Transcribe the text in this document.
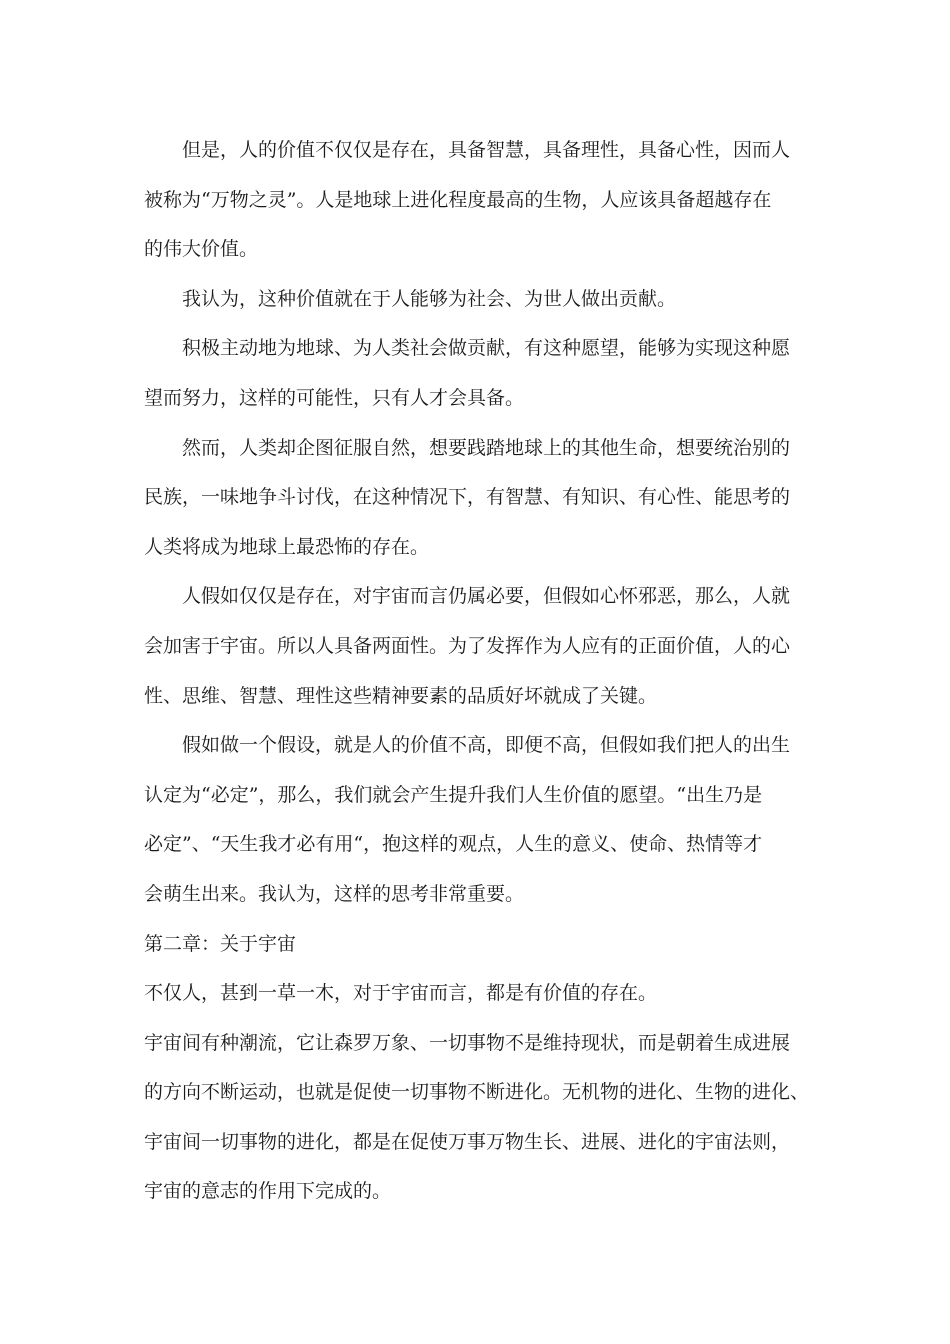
但是，人的价值不仅仅是存在，具备智慧，具备理性，具备心性，因而人
被称为“万物之灵”。人是地球上进化程度最高的生物，人应该具备超越存在
的伟大价值。

我认为，这种价值就在于人能够为社会、为世人做出贡献。

积极主动地为地球、为人类社会做贡献，有这种愿望，能够为实现这种愿
望而努力，这样的可能性，只有人才会具备。

然而，人类却企图征服自然，想要践踏地球上的其他生命，想要统治别的
民族，一味地争斗讨伐，在这种情况下，有智慧、有知识、有心性、能思考的
人类将成为地球上最恐怖的存在。

人假如仅仅是存在，对宇宙而言仍属必要，但假如心怀邪恶，那么，人就
会加害于宇宙。所以人具备两面性。为了发挥作为人应有的正面价值，人的心
性、思维、智慧、理性这些精神要素的品质好坏就成了关键。

假如做一个假设，就是人的价值不高，即便不高，但假如我们把人的出生
认定为“必定”，那么，我们就会产生提升我们人生价值的愿望。“出生乃是
必定”、“天生我才必有用“，抱这样的观点，人生的意义、使命、热情等才
会萌生出来。我认为，这样的思考非常重要。

第二章：关于宇宙

不仅人，甚到一草一木，对于宇宙而言，都是有价值的存在。

宇宙间有种潮流，它让森罗万象、一切事物不是维持现状，而是朝着生成进展
的方向不断运动，也就是促使一切事物不断进化。无机物的进化、生物的进化、
宇宙间一切事物的进化，都是在促使万事万物生长、进展、进化的宇宙法则，
宇宙的意志的作用下完成的。
